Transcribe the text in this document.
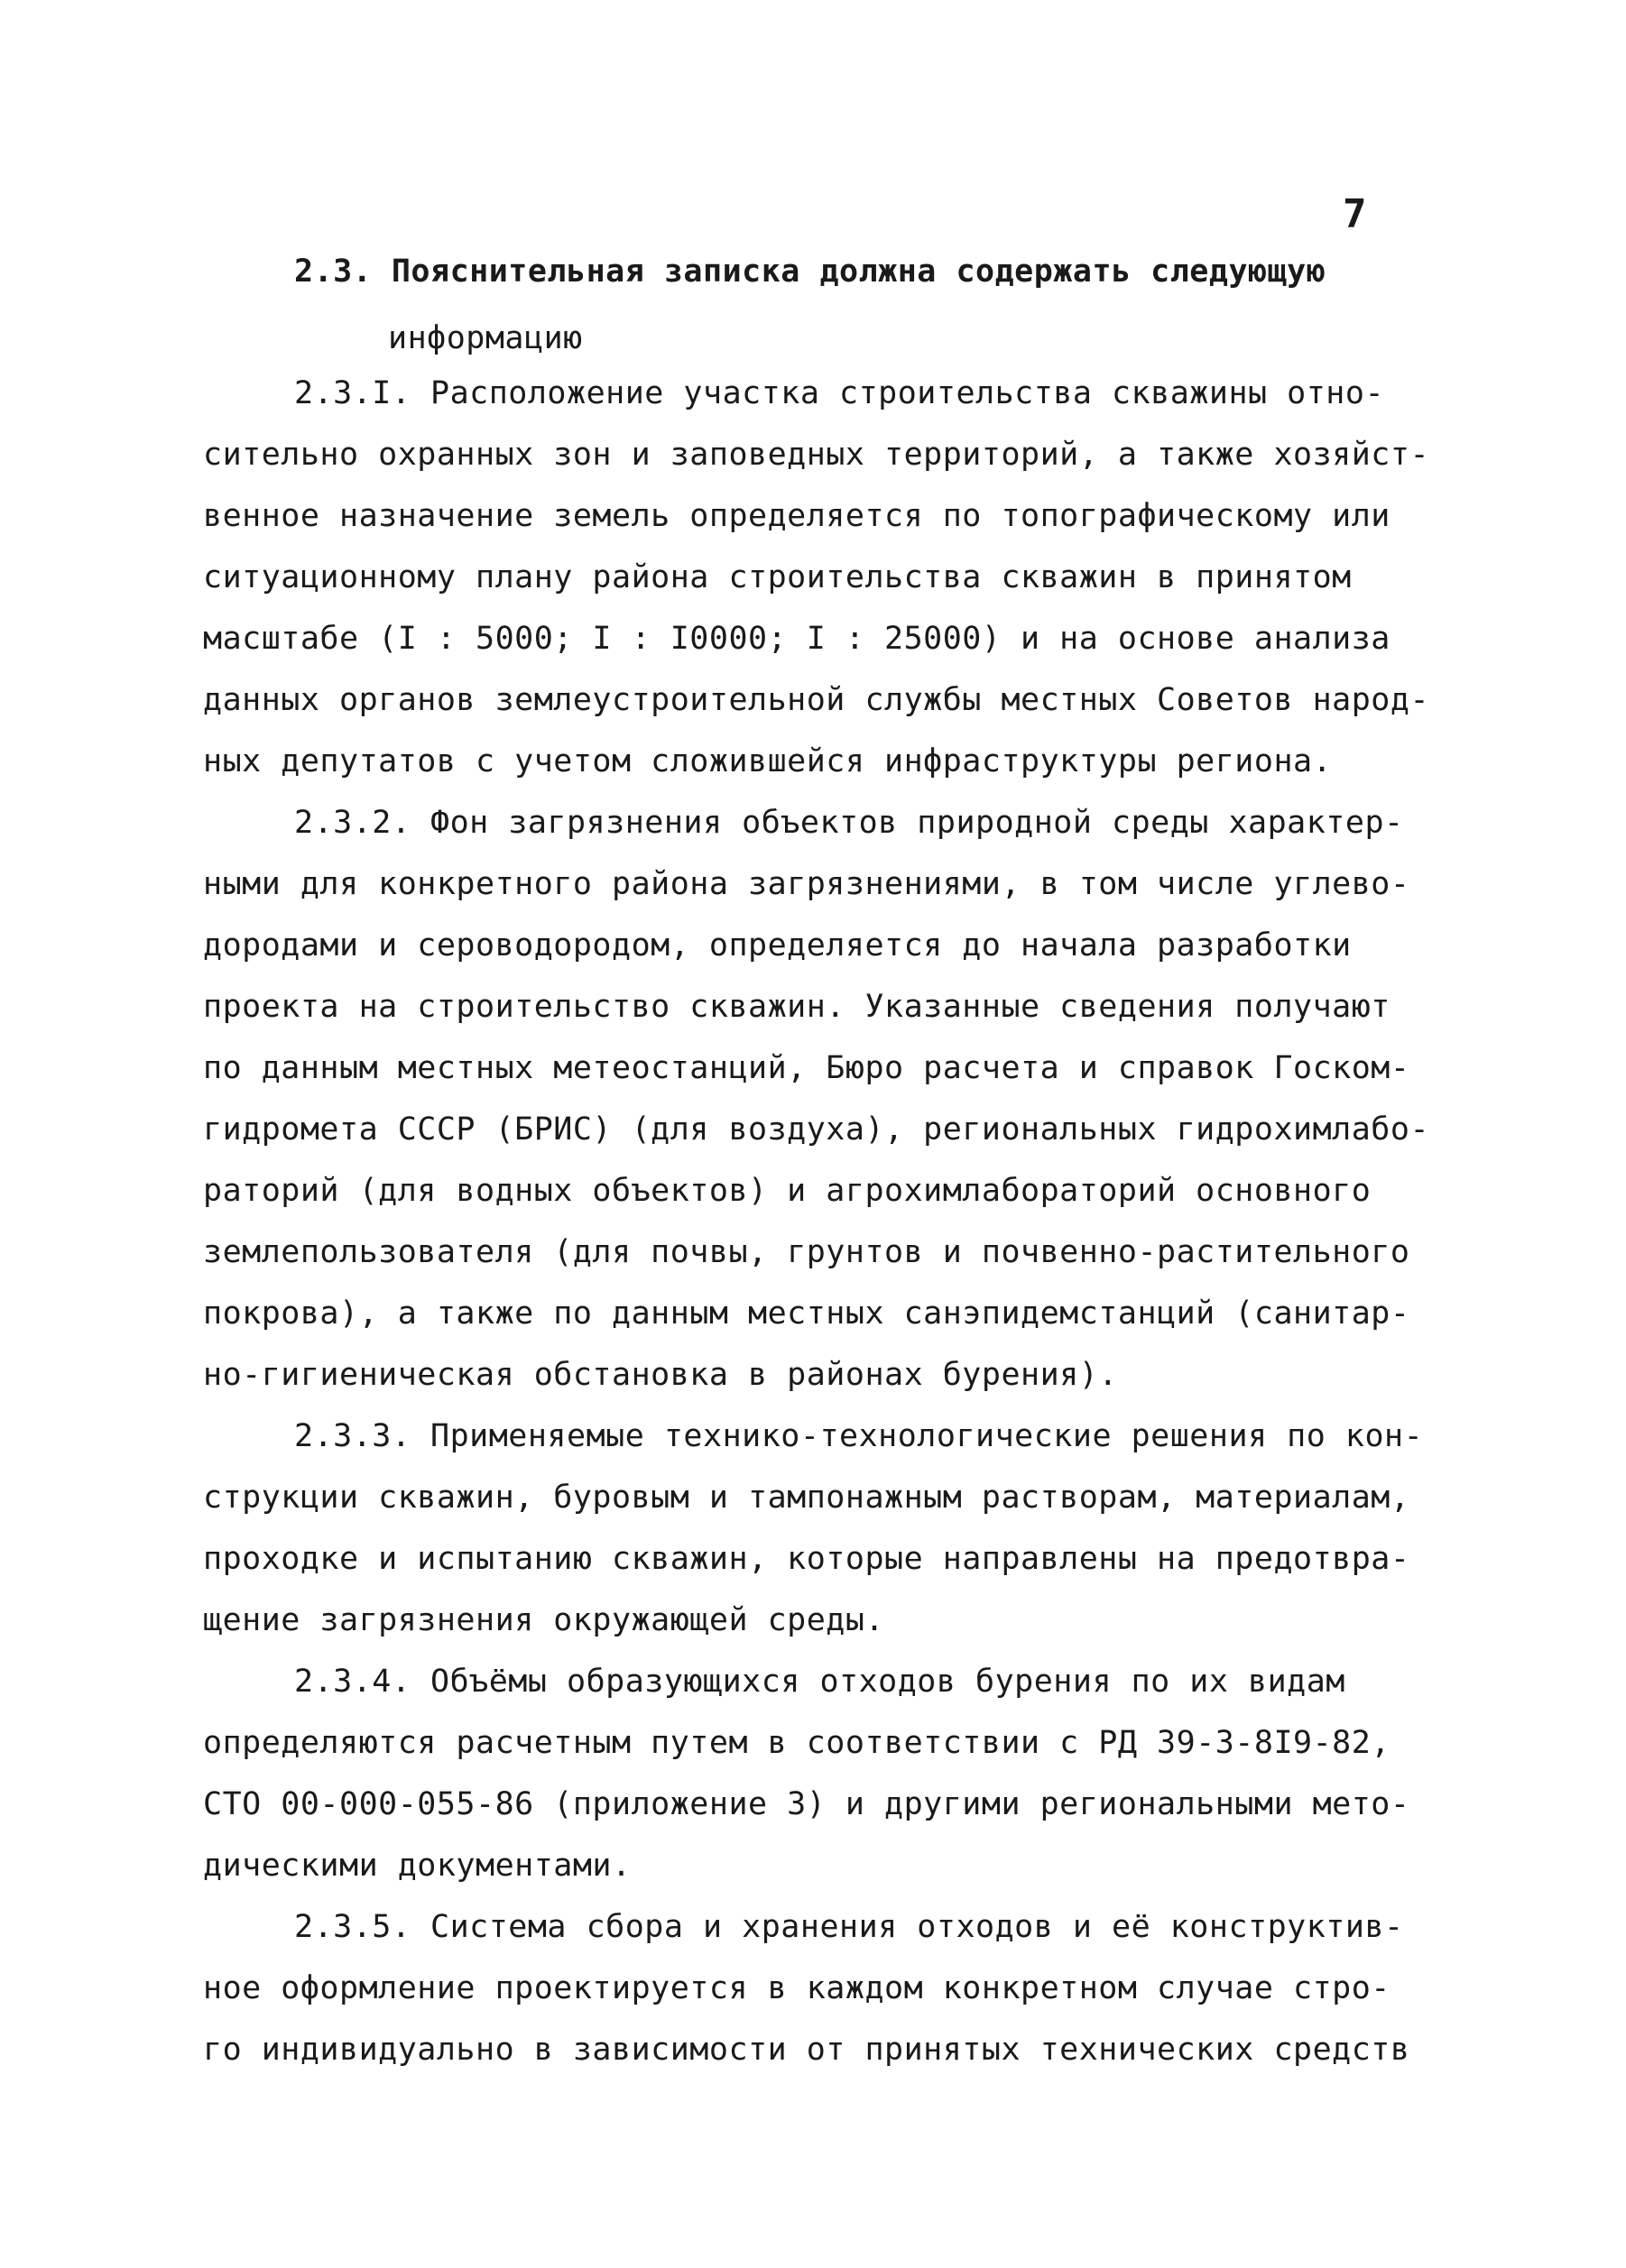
7
2.3. Пояснительная записка должна содержать следующую
информацию
2.3.I. Расположение участка строительства скважины отно-
сительно охранных зон и заповедных территорий, а также хозяйст-
венное назначение земель определяется по топографическому или
ситуационному плану района строительства скважин в принятом
масштабе (I : 5000; I : I0000; I : 25000) и на основе анализа
данных органов землеустроительной службы местных Советов народ-
ных депутатов с учетом сложившейся инфраструктуры региона.
2.3.2. Фон загрязнения объектов природной среды характер-
ными для конкретного района загрязнениями, в том числе углево-
дородами и сероводородом, определяется до начала разработки
проекта на строительство скважин. Указанные сведения получают
по данным местных метеостанций, Бюро расчета и справок Госком-
гидромета СССР (БРИС) (для воздуха), региональных гидрохимлабо-
раторий (для водных объектов) и агрохимлабораторий основного
землепользователя (для почвы, грунтов и почвенно-растительного
покрова), а также по данным местных санэпидемстанций (санитар-
но-гигиеническая обстановка в районах бурения).
2.3.3. Применяемые технико-технологические решения по кон-
струкции скважин, буровым и тампонажным растворам, материалам,
проходке и испытанию скважин, которые направлены на предотвра-
щение загрязнения окружающей среды.
2.3.4. Объёмы образующихся отходов бурения по их видам
определяются расчетным путем в соответствии с РД 39-3-8I9-82,
СТО 00-000-055-86 (приложение 3) и другими региональными мето-
дическими документами.
2.3.5. Система сбора и хранения отходов и её конструктив-
ное оформление проектируется в каждом конкретном случае стро-
го индивидуально в зависимости от принятых технических средств
